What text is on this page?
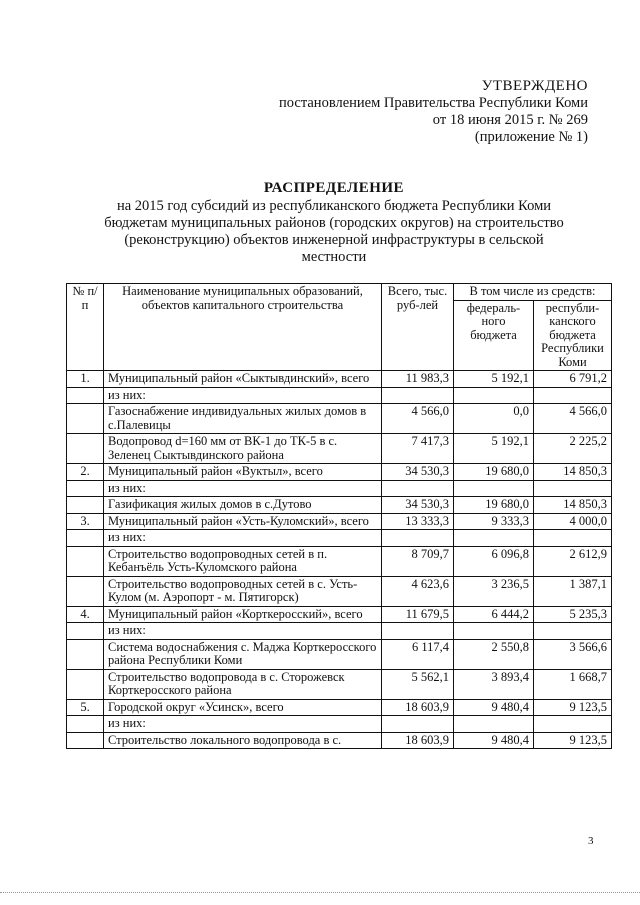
УТВЕРЖДЕНО
постановлением Правительства Республики Коми
от 18 июня 2015 г. № 269
(приложение № 1)
РАСПРЕДЕЛЕНИЕ
на 2015 год субсидий из республиканского бюджета Республики Коми
бюджетам муниципальных районов (городских округов) на строительство
(реконструкцию) объектов инженерной инфраструктуры в сельской
местности
№ п/п	Наименование муниципальных образований, объектов капитального строительства	Всего, тыс. руб-лей	В том числе из средств:	
			федераль-ного бюджета	республи-канского бюджета Республики Коми
1.	Муниципальный район «Сыктывдинский», всего	11 983,3	5 192,1	6 791,2
	из них:			
	Газоснабжение индивидуальных жилых домов в с.Палевицы	4 566,0	0,0	4 566,0
	Водопровод d=160 мм от ВК-1 до ТК-5 в с. Зеленец Сыктывдинского района	7 417,3	5 192,1	2 225,2
2.	Муниципальный район «Вуктыл», всего	34 530,3	19 680,0	14 850,3
	из них:			
	Газификация жилых домов в с.Дутово	34 530,3	19 680,0	14 850,3
3.	Муниципальный район «Усть-Куломский», всего	13 333,3	9 333,3	4 000,0
	из них:			
	Строительство водопроводных сетей в п. Кебанъёль Усть-Куломского района	8 709,7	6 096,8	2 612,9
	Строительство водопроводных сетей в с. Усть-Кулом (м. Аэропорт - м. Пятигорск)	4 623,6	3 236,5	1 387,1
4.	Муниципальный район «Корткеросский», всего	11 679,5	6 444,2	5 235,3
	из них:			
	Система водоснабжения с. Маджа Корткеросского района Республики Коми	6 117,4	2 550,8	3 566,6
	Строительство водопровода в с. Сторожевск Корткеросского района	5 562,1	3 893,4	1 668,7
5.	Городской округ «Усинск», всего	18 603,9	9 480,4	9 123,5
	из них:			
	Строительство локального водопровода в с.	18 603,9	9 480,4	9 123,5
3
